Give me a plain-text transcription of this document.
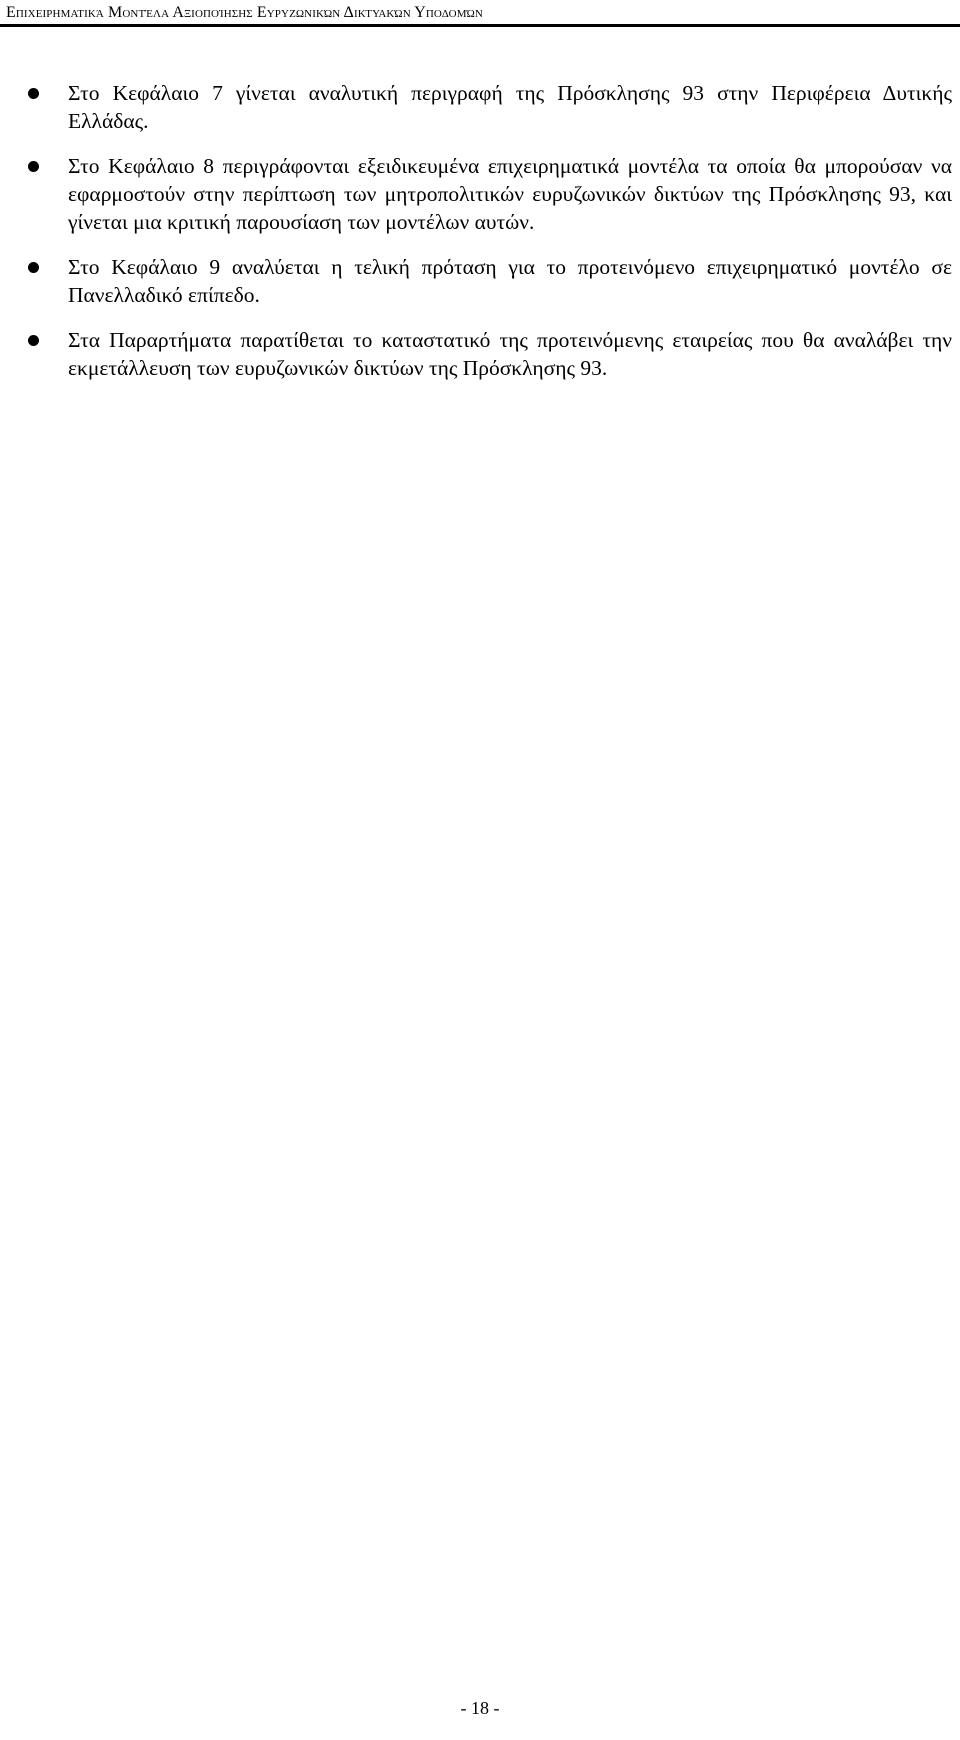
Επιχειρηματικά Μοντέλα Αξιοποίησης Ευρυζωνικών Δικτυακών Υποδομών
Στο Κεφάλαιο 7 γίνεται αναλυτική περιγραφή της Πρόσκλησης 93 στην Περιφέρεια Δυτικής Ελλάδας.
Στο Κεφάλαιο 8 περιγράφονται εξειδικευμένα επιχειρηματικά μοντέλα τα οποία θα μπορούσαν να εφαρμοστούν στην περίπτωση των μητροπολιτικών ευρυζωνικών δικτύων της Πρόσκλησης 93, και γίνεται μια κριτική παρουσίαση των μοντέλων αυτών.
Στο Κεφάλαιο 9 αναλύεται η τελική πρόταση για το προτεινόμενο επιχειρηματικό μοντέλο σε Πανελλαδικό επίπεδο.
Στα Παραρτήματα παρατίθεται το καταστατικό της προτεινόμενης εταιρείας που θα αναλάβει την εκμετάλλευση των ευρυζωνικών δικτύων της Πρόσκλησης 93.
- 18 -
